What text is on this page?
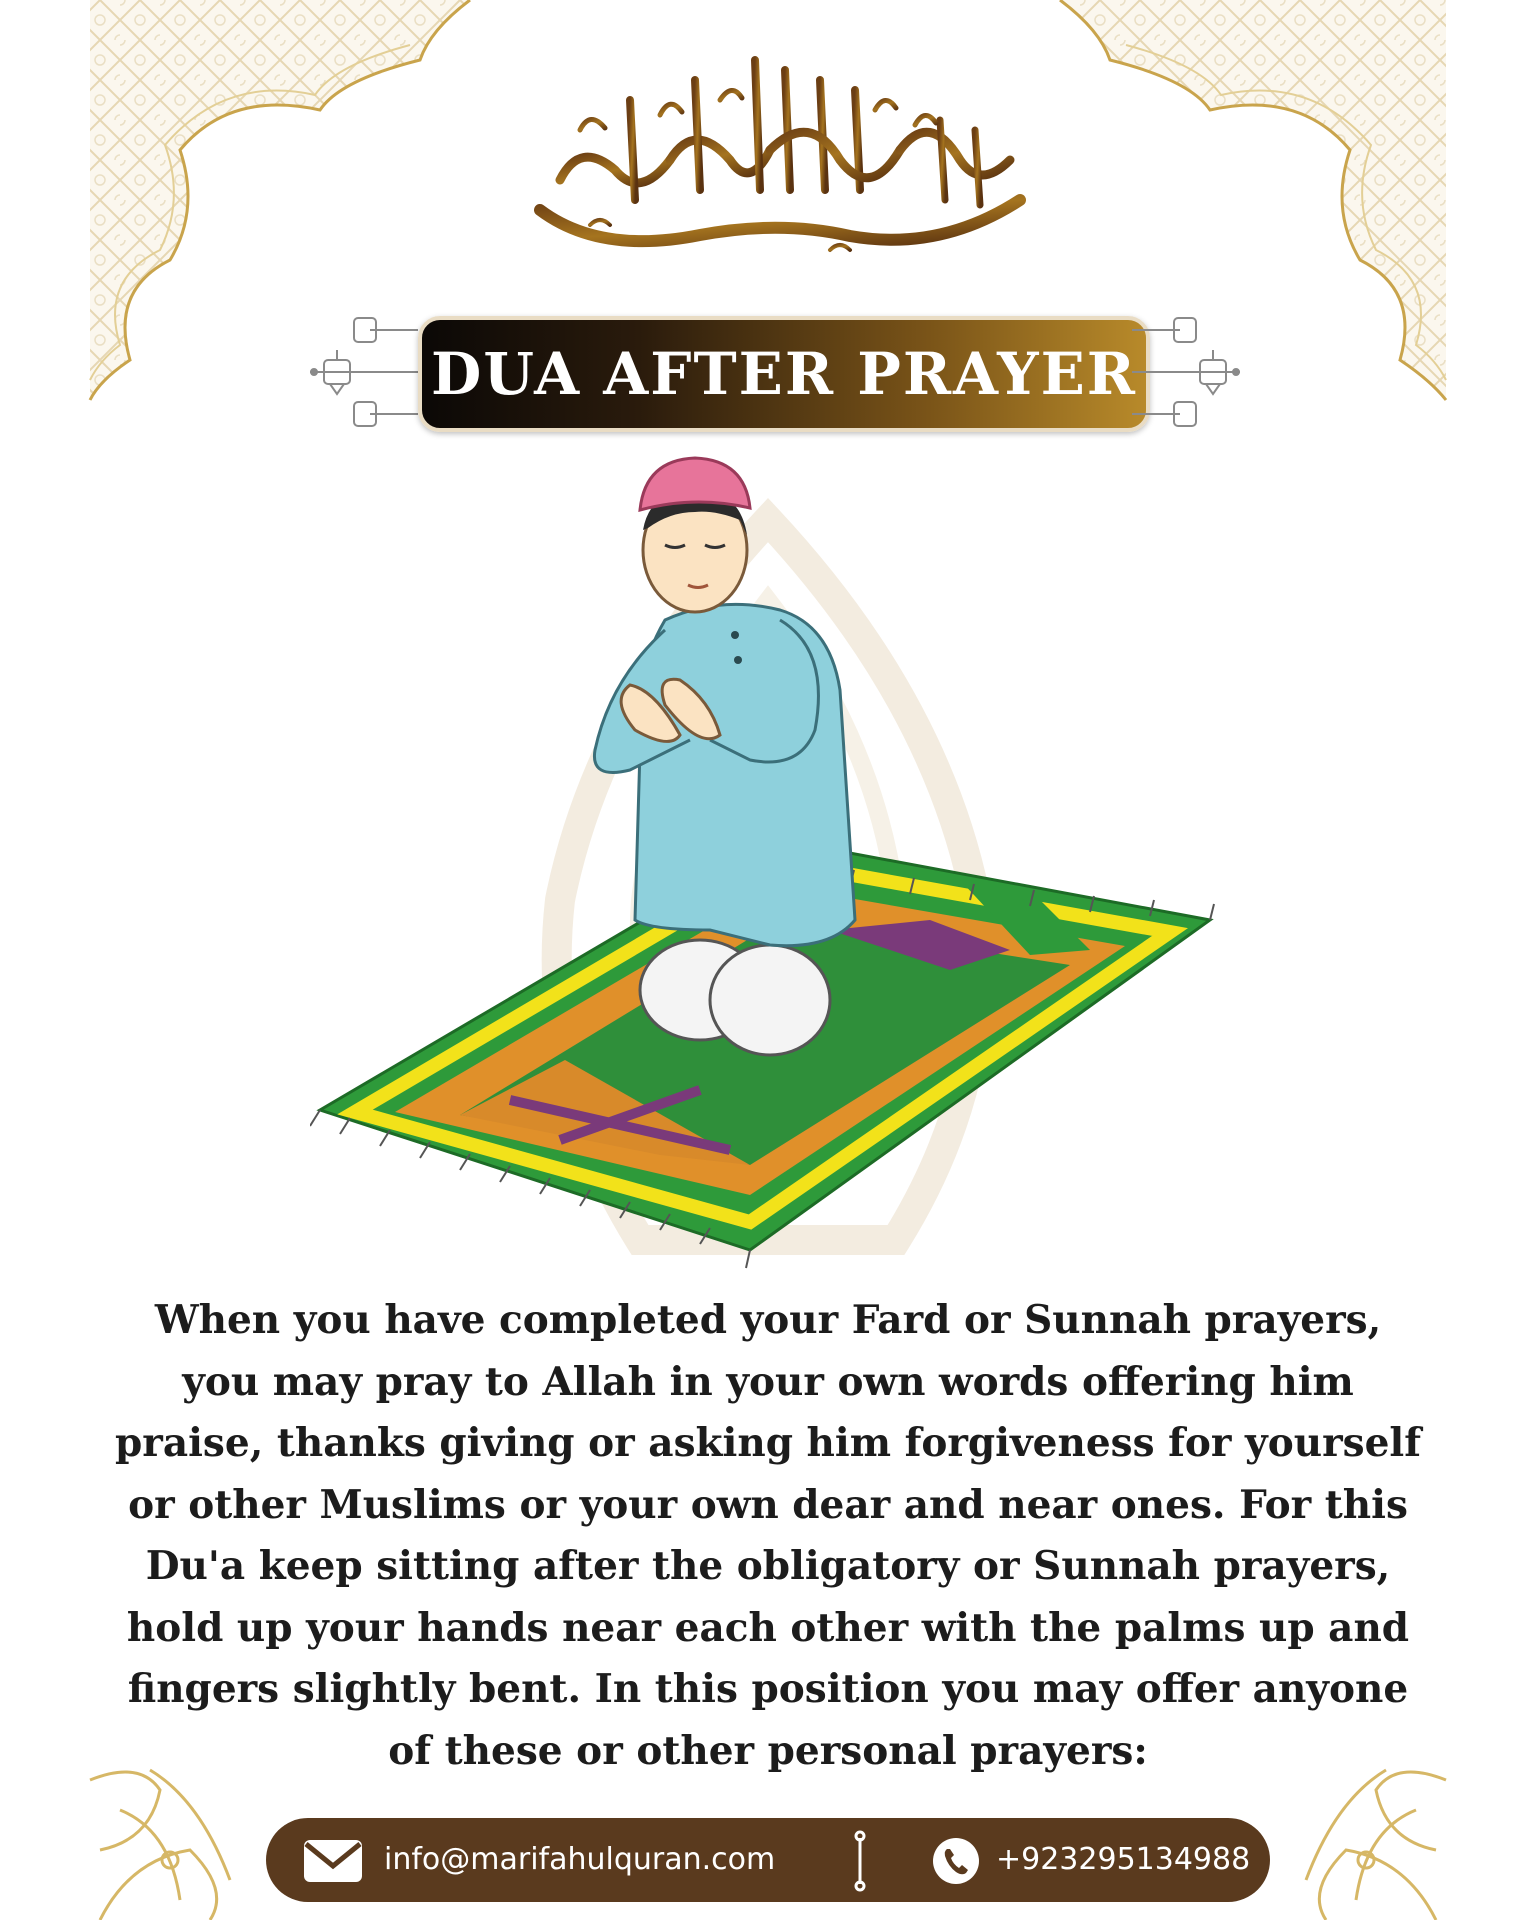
DUA AFTER PRAYER

When you have completed your Fard or Sunnah prayers, you may pray to Allah in your own words offering him praise, thanks giving or asking him forgiveness for yourself or other Muslims or your own dear and near ones. For this Du'a keep sitting after the obligatory or Sunnah prayers, hold up your hands near each other with the palms up and fingers slightly bent. In this position you may offer anyone of these or other personal prayers:

info@marifahulquran.com	+923295134988
